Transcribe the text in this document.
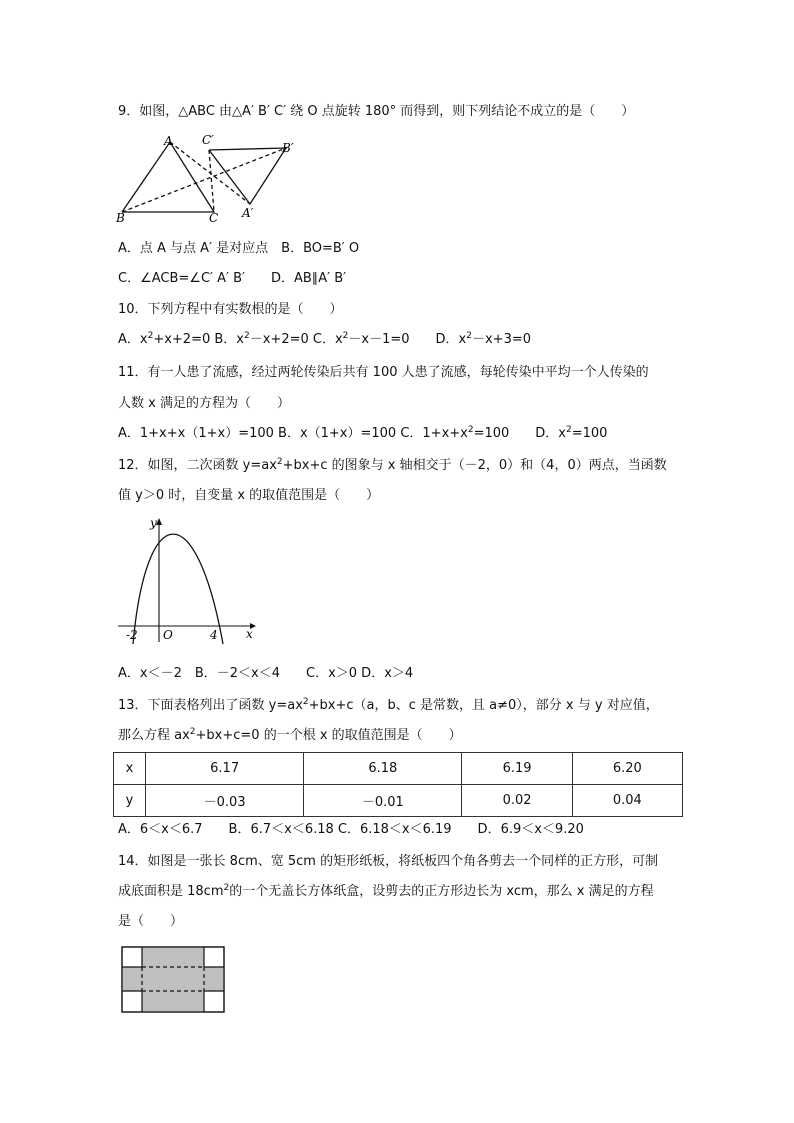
9．如图，△ABC 由△A′ B′ C′ 绕 O 点旋转 180° 而得到，则下列结论不成立的是（　　）
A
B	C
C′
B′
A′
A．点 A 与点 A′ 是对应点　B．BO=B′ O
C．∠ACB=∠C′ A′ B′　　D．AB∥A′ B′
10．下列方程中有实数根的是（　　）
A．$x^2+x+2=0$ B．$x^2-x+2=0$ C．$x^2-x-1=0$　　D．$x^2-x+3=0$
11．有一人患了流感，经过两轮传染后共有 100 人患了流感，每轮传染中平均一个人传染的
人数 x 满足的方程为（　　）
A．1+x+x（1+x）=100 B．x（1+x）=100 C．$1+x+x^2=100$　　D．$x^2=100$
12．如图，二次函数 $y=ax^2+bx+c$ 的图象与 x 轴相交于（－2，0）和（4，0）两点，当函数
值 y＞0 时，自变量 x 的取值范围是（　　）
y
x
O
-2	4
A．x＜－2　B．－2＜x＜4　　C．x＞0 D．x＞4
13．下面表格列出了函数 $y=ax^2+bx+c(a$，b、c 是常数，且 a≠0），部分 x 与 y 对应值，
那么方程 $ax^2+bx+c=0$ 的一个根 x 的取值范围是（　　）
x	6.17	6.18	6.19	6.20
y	－0.03	－0.01	0.02	0.04
A．6＜x＜6.7　　B．6.7＜x＜6.18 C．6.18＜x＜6.19　　D．6.9＜x＜9.20
14．如图是一张长 8cm、宽 5cm 的矩形纸板，将纸板四个角各剪去一个同样的正方形，可制
成底面积是 $18cm^2$的一个无盖长方体纸盒，设剪去的正方形边长为 xcm，那么 x 满足的方程
是（　　）
